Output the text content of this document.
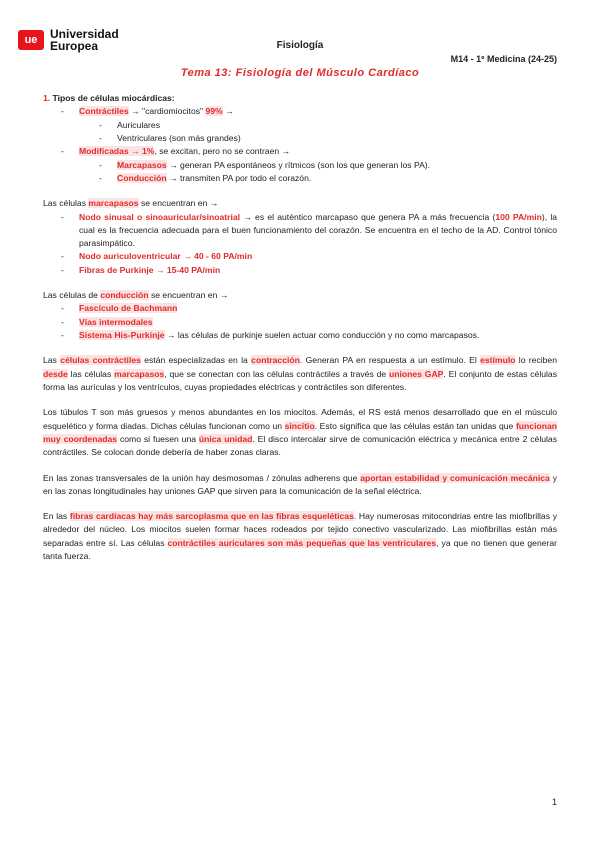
ue	Universidad
Europea	Fisiología
M14 - 1º Medicina (24-25)
Tema 13: Fisiología del Músculo Cardíaco

1. Tipos de células miocárdicas:

- Contráctiles → "cardiomiocitos" 99% →

- Auriculares

- Ventriculares (son más grandes)

- Modificadas → 1%, se excitan, pero no se contraen →

- Marcapasos → generan PA espontáneos y rítmicos (son los que generan los PA).

- Conducción → transmiten PA por todo el corazón.

Las células marcapasos se encuentran en →

- Nodo sinusal o sinoauricular/sinoatrial → es el auténtico marcapaso que genera PA a más frecuencia (100 PA/min), la cual es la frecuencia adecuada para el buen funcionamiento del corazón. Se encuentra en el techo de la AD. Control tónico parasimpático.

- Nodo auriculoventricular → 40 - 60 PA/min

- Fibras de Purkinje → 15-40 PA/min

Las células de conducción se encuentran en →

- Fascículo de Bachmann

- Vías intermodales

- Sistema His-Purkinje → las células de purkinje suelen actuar como conducción y no como marcapasos.

Las células contráctiles están especializadas en la contracción. Generan PA en respuesta a un estímulo. El estímulo lo reciben desde las células marcapasos, que se conectan con las células contráctiles a través de uniones GAP. El conjunto de estas células forma las aurículas y los ventrículos, cuyas propiedades eléctricas y contráctiles son diferentes.

Los túbulos T son más gruesos y menos abundantes en los miocitos. Además, el RS está menos desarrollado que en el músculo esquelético y forma diadas. Dichas células funcionan como un sincitio. Esto significa que las células están tan unidas que funcionan muy coordenadas como si fuesen una única unidad. El disco intercalar sirve de comunicación eléctrica y mecánica entre 2 células contráctiles. Se colocan donde debería de haber zonas claras.

En las zonas transversales de la unión hay desmosomas / zónulas adherens que aportan estabilidad y comunicación mecánica y en las zonas longitudinales hay uniones GAP que sirven para la comunicación de la señal eléctrica.

En las fibras cardíacas hay más sarcoplasma que en las fibras esqueléticas. Hay numerosas mitocondrias entre las miofibrillas y alrededor del núcleo. Los miocitos suelen formar haces rodeados por tejido conectivo vascularizado. Las miofibrillas están más separadas entre sí. Las células contráctiles auriculares son más pequeñas que las ventriculares, ya que no tienen que generar tanta fuerza.

1
